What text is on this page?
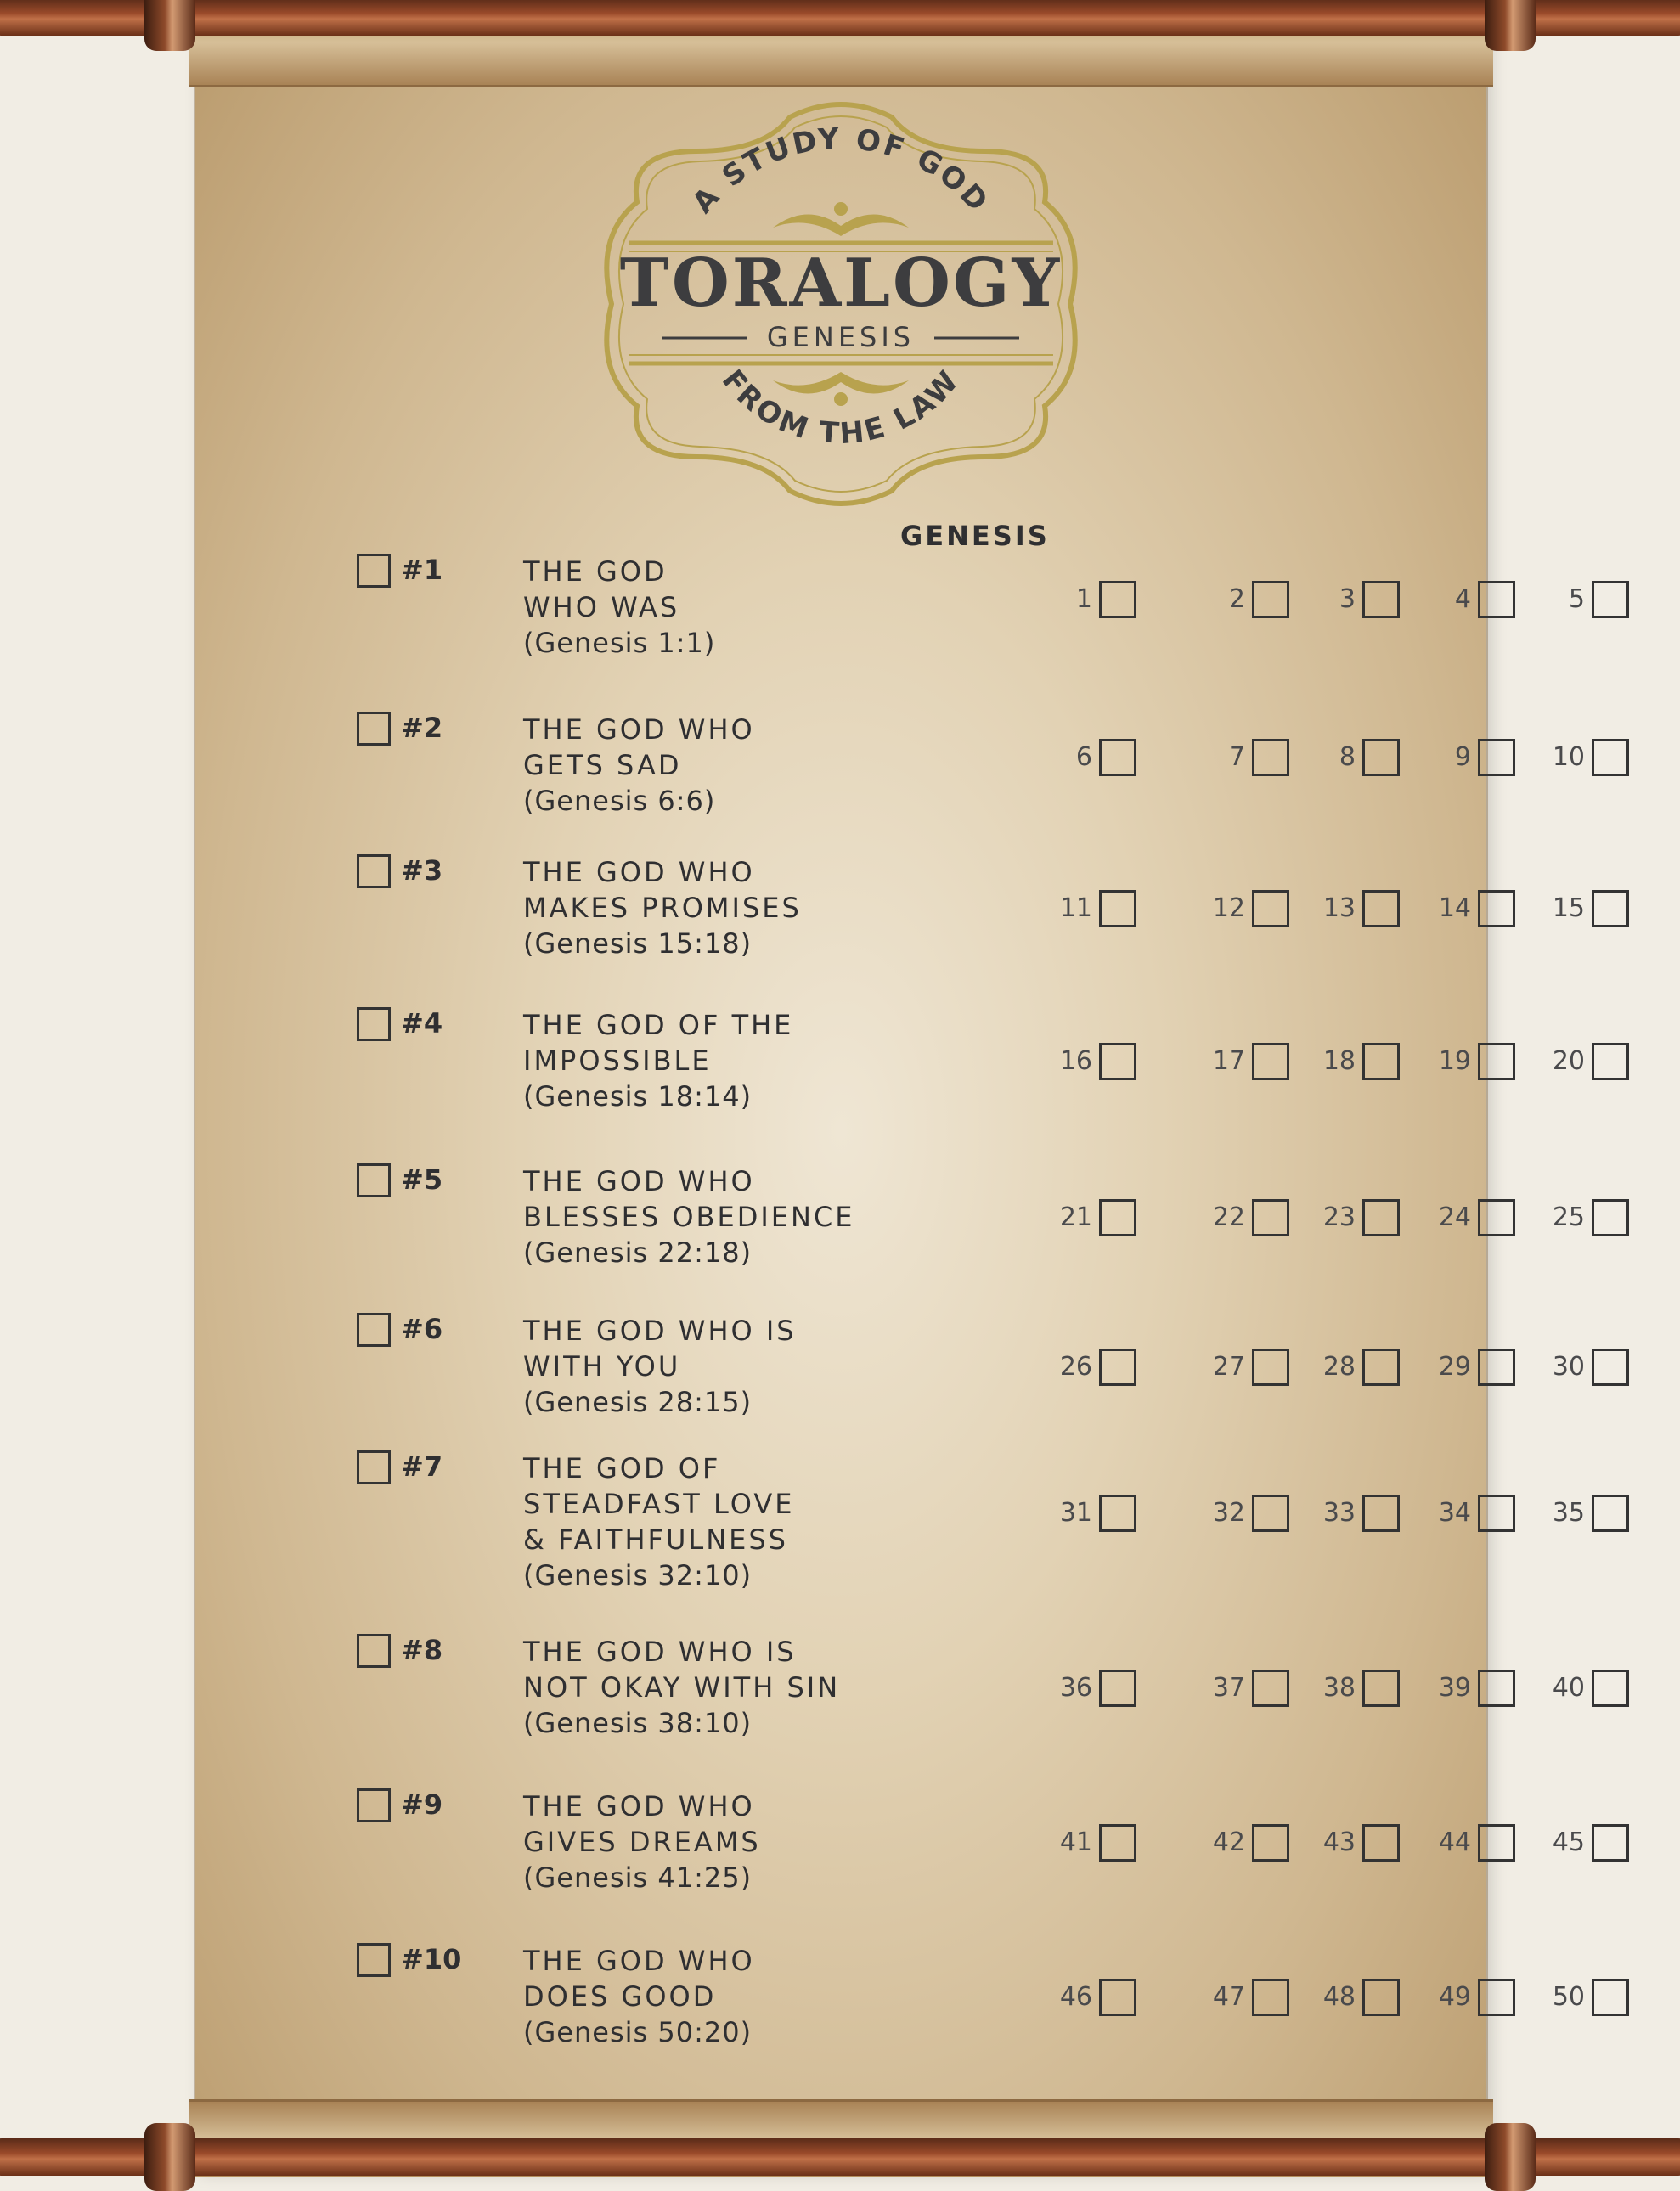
A STUDY OF GOD
FROM THE LAW
TORALOGY
GENESIS
GENESIS
#1	THE GOD
WHO WAS
(Genesis 1:1)
1	2	3	4	5
#2	THE GOD WHO
GETS SAD
(Genesis 6:6)
6	7	8	9	10
#3	THE GOD WHO
MAKES PROMISES
(Genesis 15:18)
11	12	13	14	15
#4	THE GOD OF THE
IMPOSSIBLE
(Genesis 18:14)
16	17	18	19	20
#5	THE GOD WHO
BLESSES OBEDIENCE
(Genesis 22:18)
21	22	23	24	25
#6	THE GOD WHO IS
WITH YOU
(Genesis 28:15)
26	27	28	29	30
#7	THE GOD OF
STEADFAST LOVE
& FAITHFULNESS
(Genesis 32:10)
31	32	33	34	35
#8	THE GOD WHO IS
NOT OKAY WITH SIN
(Genesis 38:10)
36	37	38	39	40
#9	THE GOD WHO
GIVES DREAMS
(Genesis 41:25)
41	42	43	44	45
#10 THE GOD WHO
DOES GOOD
(Genesis 50:20)
46	47	48	49	50
